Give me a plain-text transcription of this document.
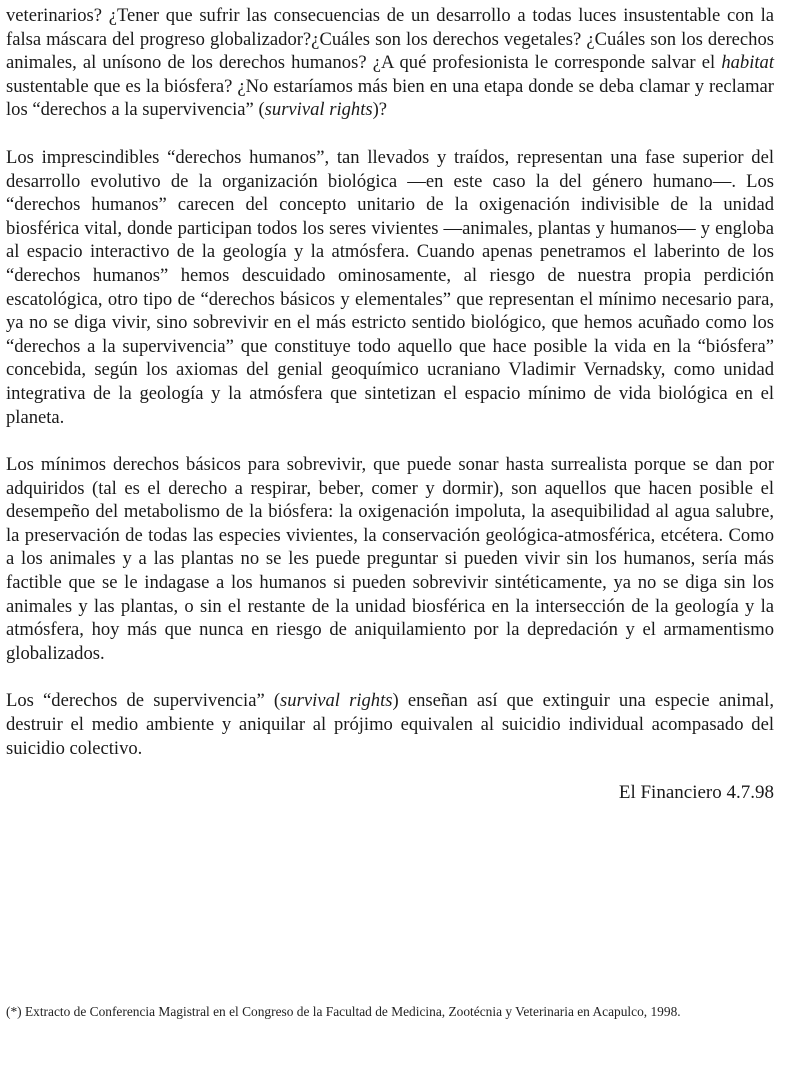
veterinarios? ¿Tener que sufrir las consecuencias de un desarrollo a todas luces insustentable con la falsa máscara del progreso globalizador?¿Cuáles son los derechos vegetales? ¿Cuáles son los derechos animales, al unísono de los derechos humanos? ¿A qué profesionista le corresponde salvar el habitat sustentable que es la biósfera? ¿No estaríamos más bien en una etapa donde se deba clamar y reclamar los “derechos a la supervivencia” (survival rights)?

Los imprescindibles “derechos humanos”, tan llevados y traídos, representan una fase superior del desarrollo evolutivo de la organización biológica —en este caso la del género humano—. Los “derechos humanos” carecen del concepto unitario de la oxigenación indivisible de la unidad biosférica vital, donde participan todos los seres vivientes —animales, plantas y humanos— y engloba al espacio interactivo de la geología y la atmósfera. Cuando apenas penetramos el laberinto de los “derechos humanos” hemos descuidado ominosamente, al riesgo de nuestra propia perdición escatológica, otro tipo de “derechos básicos y elementales” que representan el mínimo necesario para, ya no se diga vivir, sino sobrevivir en el más estricto sentido biológico, que hemos acuñado como los “derechos a la supervivencia” que constituye todo aquello que hace posible la vida en la “biósfera” concebida, según los axiomas del genial geoquímico ucraniano Vladimir Vernadsky, como unidad integrativa de la geología y la atmósfera que sintetizan el espacio mínimo de vida biológica en el planeta.

Los mínimos derechos básicos para sobrevivir, que puede sonar hasta surrealista porque se dan por adquiridos (tal es el derecho a respirar, beber, comer y dormir), son aquellos que hacen posible el desempeño del metabolismo de la biósfera: la oxigenación impoluta, la asequibilidad al agua salubre, la preservación de todas las especies vivientes, la conservación geológica-atmosférica, etcétera. Como a los animales y a las plantas no se les puede preguntar si pueden vivir sin los humanos, sería más factible que se le indagase a los humanos si pueden sobrevivir sintéticamente, ya no se diga sin los animales y las plantas, o sin el restante de la unidad biosférica en la intersección de la geología y la atmósfera, hoy más que nunca en riesgo de aniquilamiento por la depredación y el armamentismo globalizados.

Los “derechos de supervivencia” (survival rights) enseñan así que extinguir una especie animal, destruir el medio ambiente y aniquilar al prójimo equivalen al suicidio individual acompasado del suicidio colectivo.

El Financiero 4.7.98

(*) Extracto de Conferencia Magistral en el Congreso de la Facultad de Medicina, Zootécnia y Veterinaria en Acapulco, 1998.
